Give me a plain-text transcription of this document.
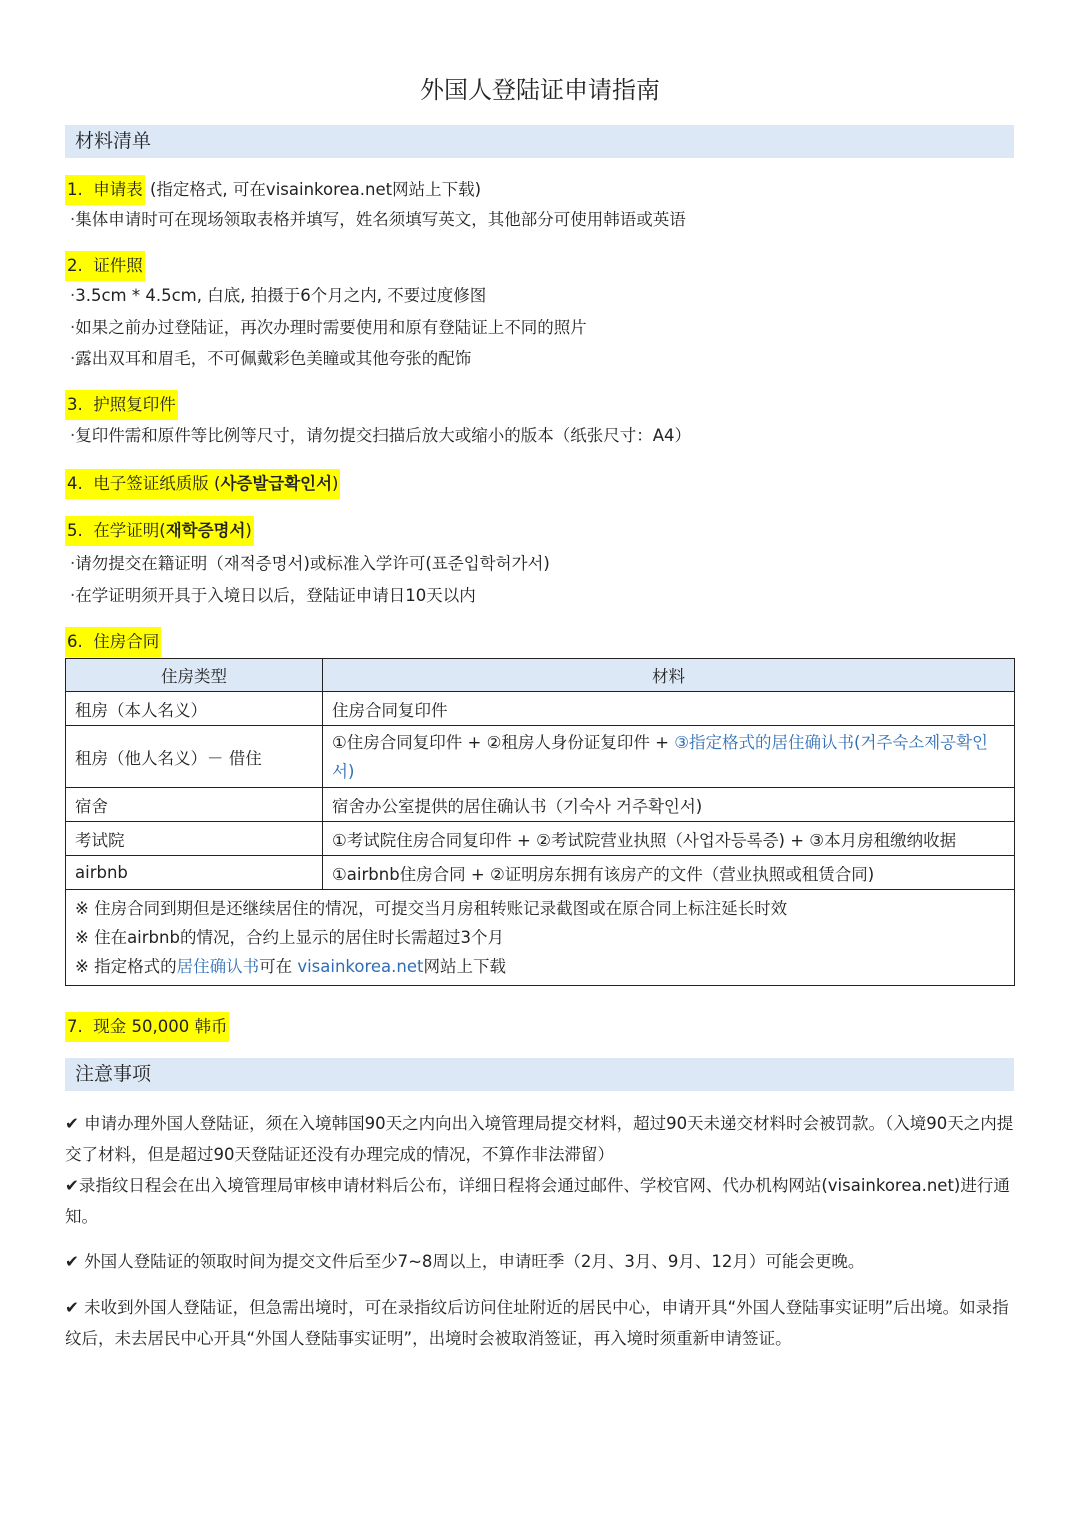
外国人登陆证申请指南
材料清单
1. 申请表 (指定格式, 可在visainkorea.net网站上下载)
·集体申请时可在现场领取表格并填写，姓名须填写英文，其他部分可使用韩语或英语
2. 证件照
·3.5cm * 4.5cm, 白底, 拍摄于6个月之内, 不要过度修图
·如果之前办过登陆证，再次办理时需要使用和原有登陆证上不同的照片
·露出双耳和眉毛，不可佩戴彩色美瞳或其他夸张的配饰
3. 护照复印件
·复印件需和原件等比例等尺寸，请勿提交扫描后放大或缩小的版本（纸张尺寸：A4）
4. 电子签证纸质版 (사증발급확인서)
5. 在学证明(재학증명서)
·请勿提交在籍证明（재적증명서)或标准入学许可(표준입학허가서)
·在学证明须开具于入境日以后，登陆证申请日10天以内
6. 住房合同
住房类型	材料
租房（本人名义）	住房合同复印件
租房（他人名义）－ 借住	①住房合同复印件 + ②租房人身份证复印件 + ③指定格式的居住确认书(거주숙소제공확인서)
宿舍	宿舍办公室提供的居住确认书（기숙사 거주확인서)
考试院	①考试院住房合同复印件 + ②考试院营业执照（사업자등록증) + ③本月房租缴纳收据
airbnb	①airbnb住房合同 + ②证明房东拥有该房产的文件（营业执照或租赁合同)

※ 住房合同到期但是还继续居住的情况，可提交当月房租转账记录截图或在原合同上标注延长时效
※ 住在airbnb的情况，合约上显示的居住时长需超过3个月
※ 指定格式的居住确认书可在 visainkorea.net网站上下载	
7. 现金 50,000 韩币
注意事项
✔ 申请办理外国人登陆证，须在入境韩国90天之内向出入境管理局提交材料，超过90天未递交材料时会被罚款。（入境90天之内提交了材料，但是超过90天登陆证还没有办理完成的情况，不算作非法滞留）
✔录指纹日程会在出入境管理局审核申请材料后公布，详细日程将会通过邮件、学校官网、代办机构网站(visainkorea.net)进行通知。
✔ 外国人登陆证的领取时间为提交文件后至少7~8周以上，申请旺季（2月、3月、9月、12月）可能会更晚。
✔ 未收到外国人登陆证，但急需出境时，可在录指纹后访问住址附近的居民中心，申请开具“外国人登陆事实证明”后出境。如录指纹后，未去居民中心开具“外国人登陆事实证明”，出境时会被取消签证，再入境时须重新申请签证。
